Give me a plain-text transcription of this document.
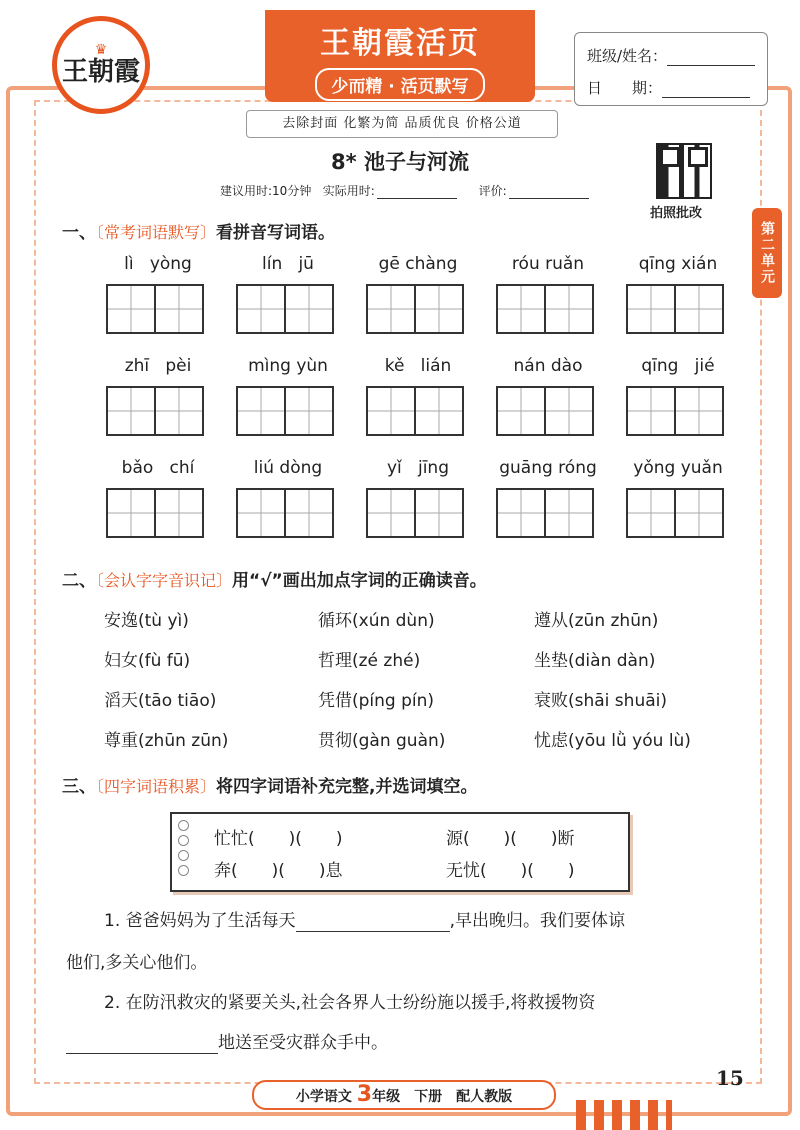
♛
王朝霞
王朝霞活页
少而精 · 活页默写
班级/姓名：
日　　期：
去除封面 化繁为简 品质优良 价格公道
8* 池子与河流
建议用时:10分钟 实际用时:	评价:
拍照批改
第二单元
一、〔常考词语默写〕看拼音写词语。
lì   yòng	lín   jū	gē chàng	róu ruǎn	qīng xián
zhī   pèi	mìng yùn	kě   lián	nán dào	qīng   jié
bǎo   chí	liú dòng	yǐ   jīng	guāng róng	yǒng yuǎn
二、〔会认字字音识记〕用“√”画出加点字词的正确读音。
安逸(tù yì)	循环(xún dùn)	遵从(zūn zhūn)
妇女(fù fū)	哲理(zé zhé)	坐垫(diàn dàn)
滔天(tāo tiāo)	凭借(píng pín)	衰败(shāi shuāi)
尊重(zhūn zūn)	贯彻(gàn guàn)	忧虑(yōu lǜ yóu lù)
三、〔四字词语积累〕将四字词语补充完整,并选词填空。
忙忙(　　)(　　)	源(　　)(　　)断
奔(　　)(　　)息	无忧(　　)(　　)
1. 爸爸妈妈为了生活每天	,早出晚归。我们要体谅
他们,多关心他们。
2. 在防汛救灾的紧要关头,社会各界人士纷纷施以援手,将救援物资
地送至受灾群众手中。
小学语文 3年级　下册　配人教版
15
